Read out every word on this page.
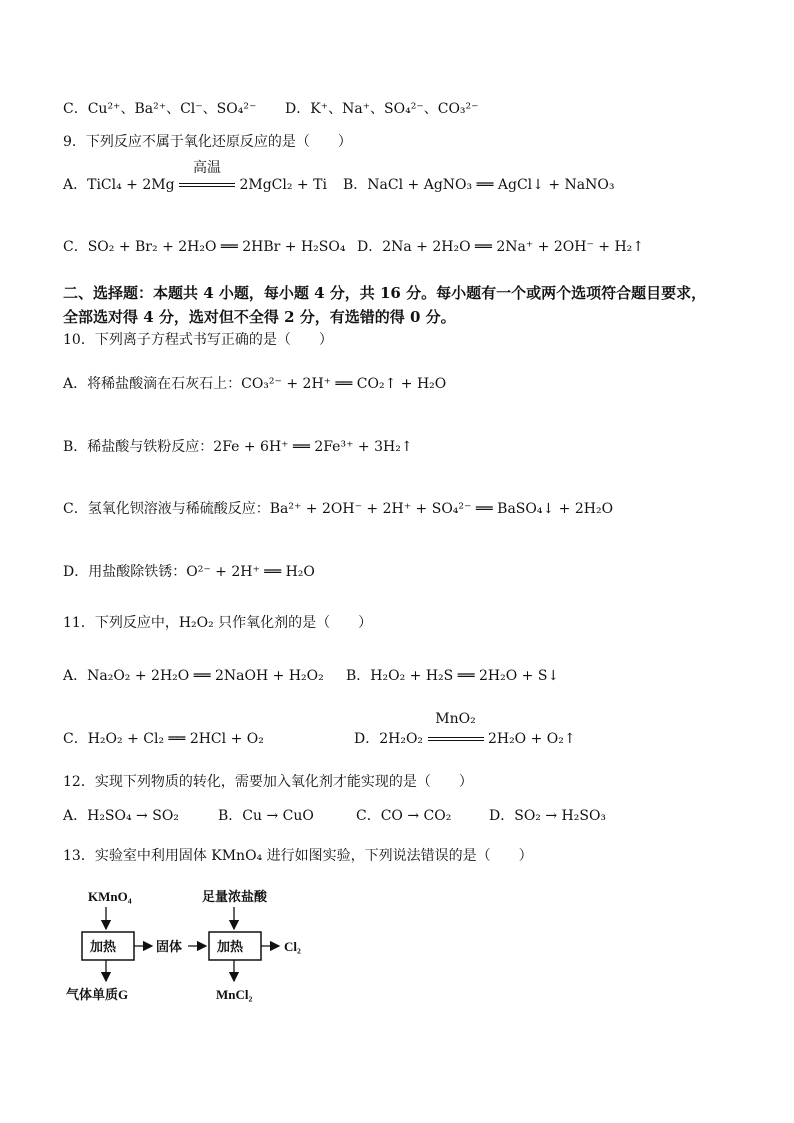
C．Cu²⁺、Ba²⁺、Cl⁻、SO₄²⁻ D．K⁺、Na⁺、SO₄²⁻、CO₃²⁻
9．下列反应不属于氧化还原反应的是（　　）
A．TiCl₄ + 2Mg
高温
2MgCl₂ + Ti B．NaCl + AgNO₃ ══ AgCl↓ + NaNO₃
C．SO₂ + Br₂ + 2H₂O ══ 2HBr + H₂SO₄ D．2Na + 2H₂O ══ 2Na⁺ + 2OH⁻ + H₂↑
二、选择题：本题共 4 小题，每小题 4 分，共 16 分。每小题有一个或两个选项符合题目要求，
全部选对得 4 分，选对但不全得 2 分，有选错的得 0 分。
10．下列离子方程式书写正确的是（　　）
A．将稀盐酸滴在石灰石上：CO₃²⁻ + 2H⁺ ══ CO₂↑ + H₂O
B．稀盐酸与铁粉反应：2Fe + 6H⁺ ══ 2Fe³⁺ + 3H₂↑
C．氢氧化钡溶液与稀硫酸反应：Ba²⁺ + 2OH⁻ + 2H⁺ + SO₄²⁻ ══ BaSO₄↓ + 2H₂O
D．用盐酸除铁锈：O²⁻ + 2H⁺ ══ H₂O
11．下列反应中，H₂O₂ 只作氧化剂的是（　　）
A．Na₂O₂ + 2H₂O ══ 2NaOH + H₂O₂ B．H₂O₂ + H₂S ══ 2H₂O + S↓
C．H₂O₂ + Cl₂ ══ 2HCl + O₂	D．2H₂O₂
MnO₂
2H₂O + O₂↑
12．实现下列物质的转化，需要加入氧化剂才能实现的是（　　）
A．H₂SO₄ → SO₂	B．Cu → CuO	C．CO → CO₂	D．SO₂ → H₂SO₃
13．实验室中利用固体 KMnO₄ 进行如图实验，下列说法错误的是（　　）
KMnO₄	足量浓盐酸
加热	固体	加热	Cl₂
气体单质G	MnCl₂
